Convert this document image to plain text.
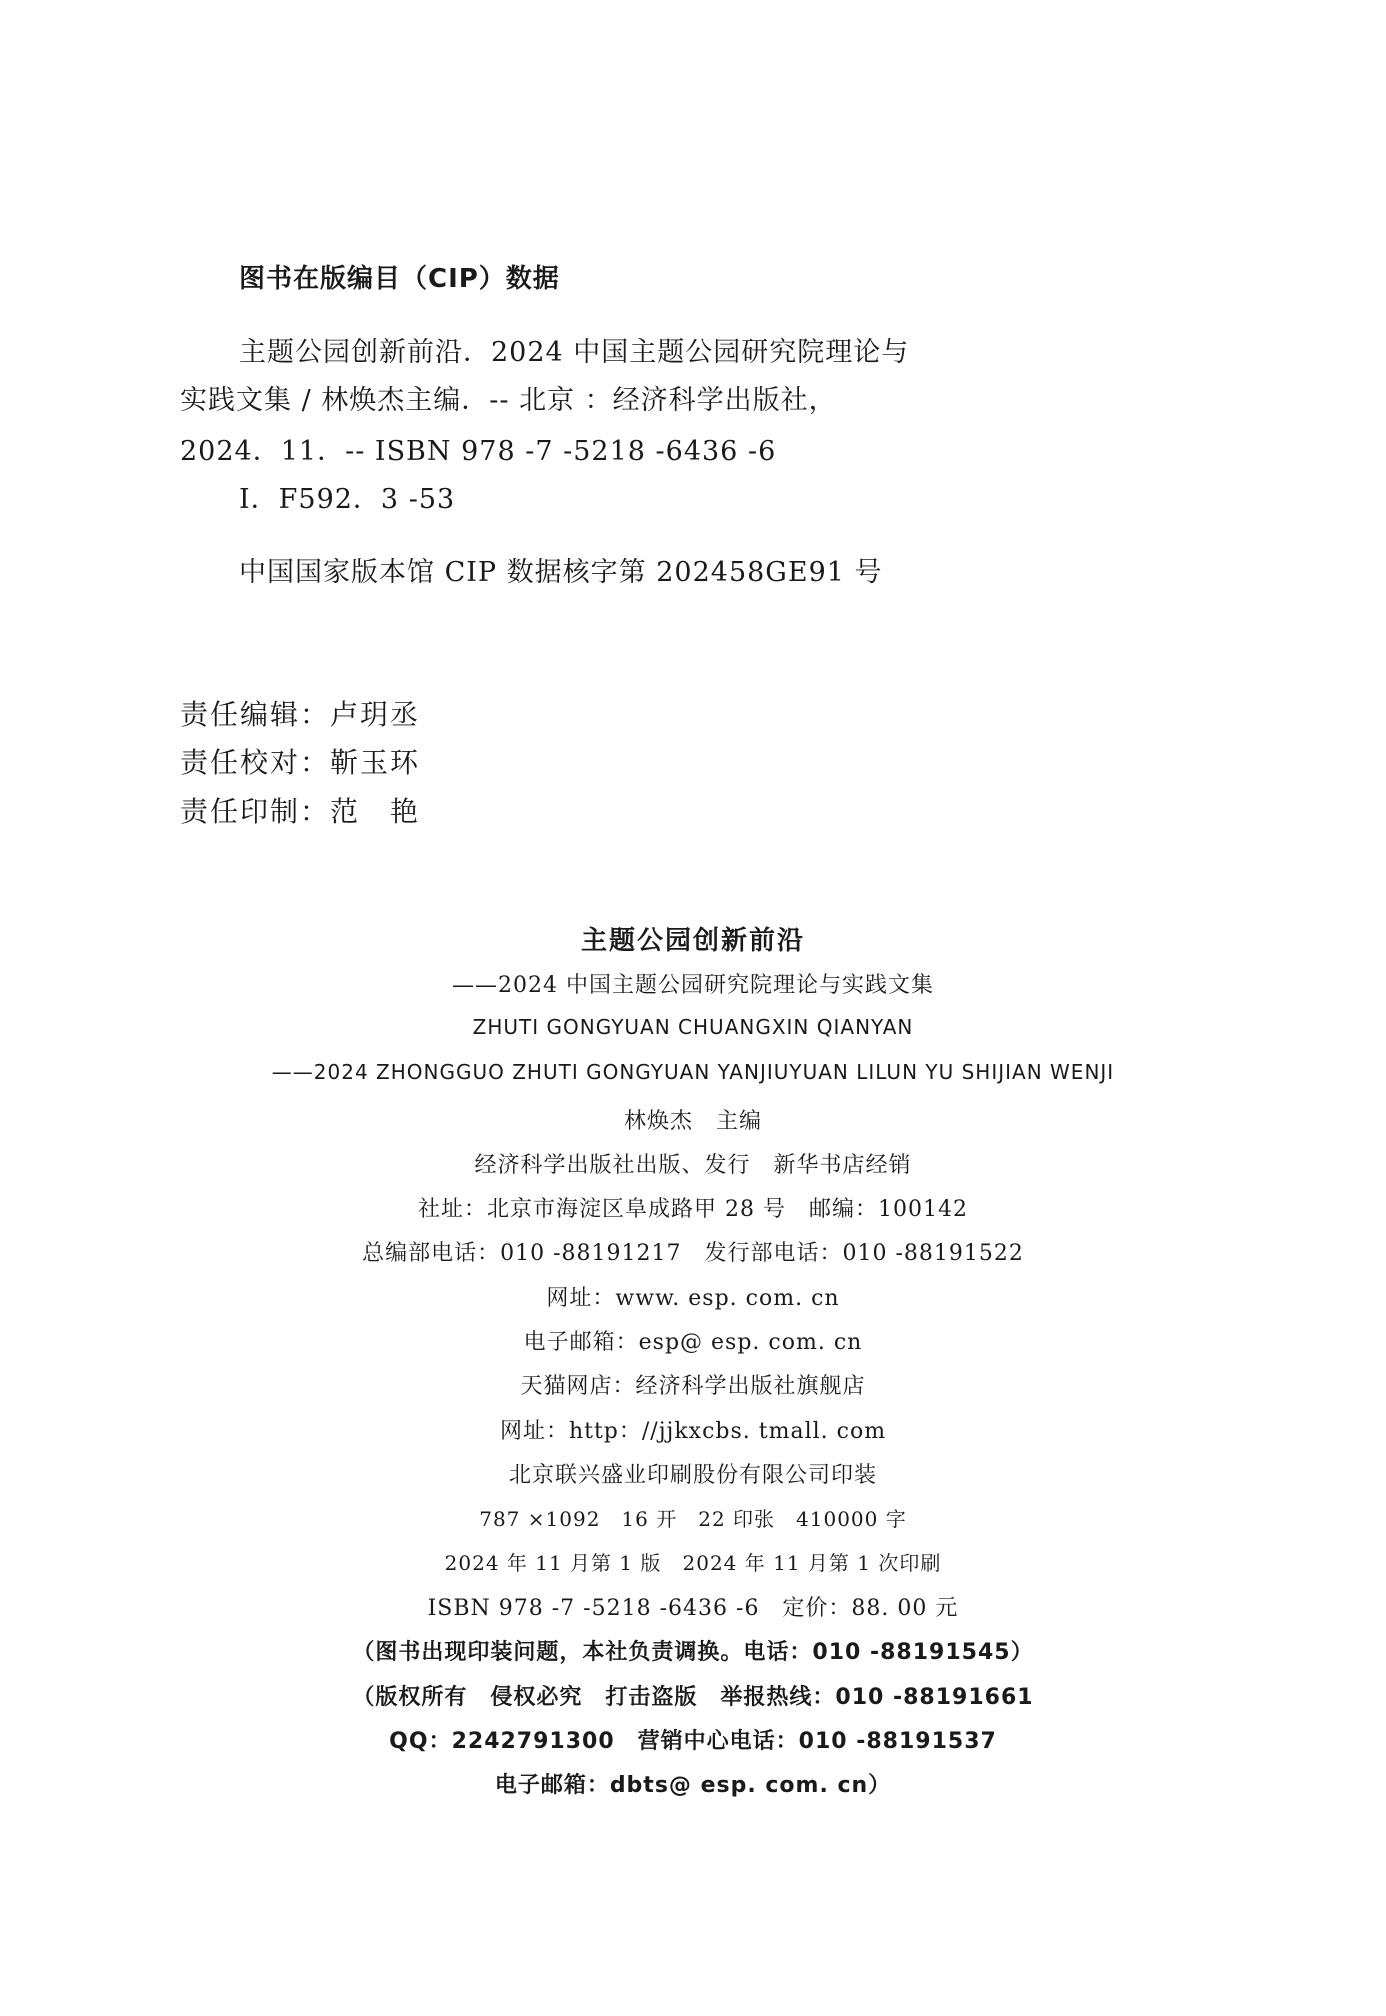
图书在版编目（CIP）数据
主题公园创新前沿．2024 中国主题公园研究院理论与
实践文集 / 林焕杰主编．-- 北京 ：经济科学出版社，
2024．11．-- ISBN 978 -7 -5218 -6436 -6
Ⅰ．F592．3 -53
中国国家版本馆 CIP 数据核字第 202458GE91 号
责任编辑：卢玥丞
责任校对：靳玉环
责任印制：范　艳
主题公园创新前沿
——2024 中国主题公园研究院理论与实践文集
ZHUTI GONGYUAN CHUANGXIN QIANYAN
——2024 ZHONGGUO ZHUTI GONGYUAN YANJIUYUAN LILUN YU SHIJIAN WENJI
林焕杰　主编
经济科学出版社出版、发行　新华书店经销
社址：北京市海淀区阜成路甲 28 号　邮编：100142
总编部电话：010 -88191217　发行部电话：010 -88191522
网址：www. esp. com. cn
电子邮箱：esp@ esp. com. cn
天猫网店：经济科学出版社旗舰店
网址：http：//jjkxcbs. tmall. com
北京联兴盛业印刷股份有限公司印装
787 ×1092　16 开　22 印张　410000 字
2024 年 11 月第 1 版　2024 年 11 月第 1 次印刷
ISBN 978 -7 -5218 -6436 -6　定价：88. 00 元
（图书出现印装问题，本社负责调换。电话：010 -88191545）
（版权所有　侵权必究　打击盗版　举报热线：010 -88191661
QQ：2242791300　营销中心电话：010 -88191537
电子邮箱：dbts@ esp. com. cn）
